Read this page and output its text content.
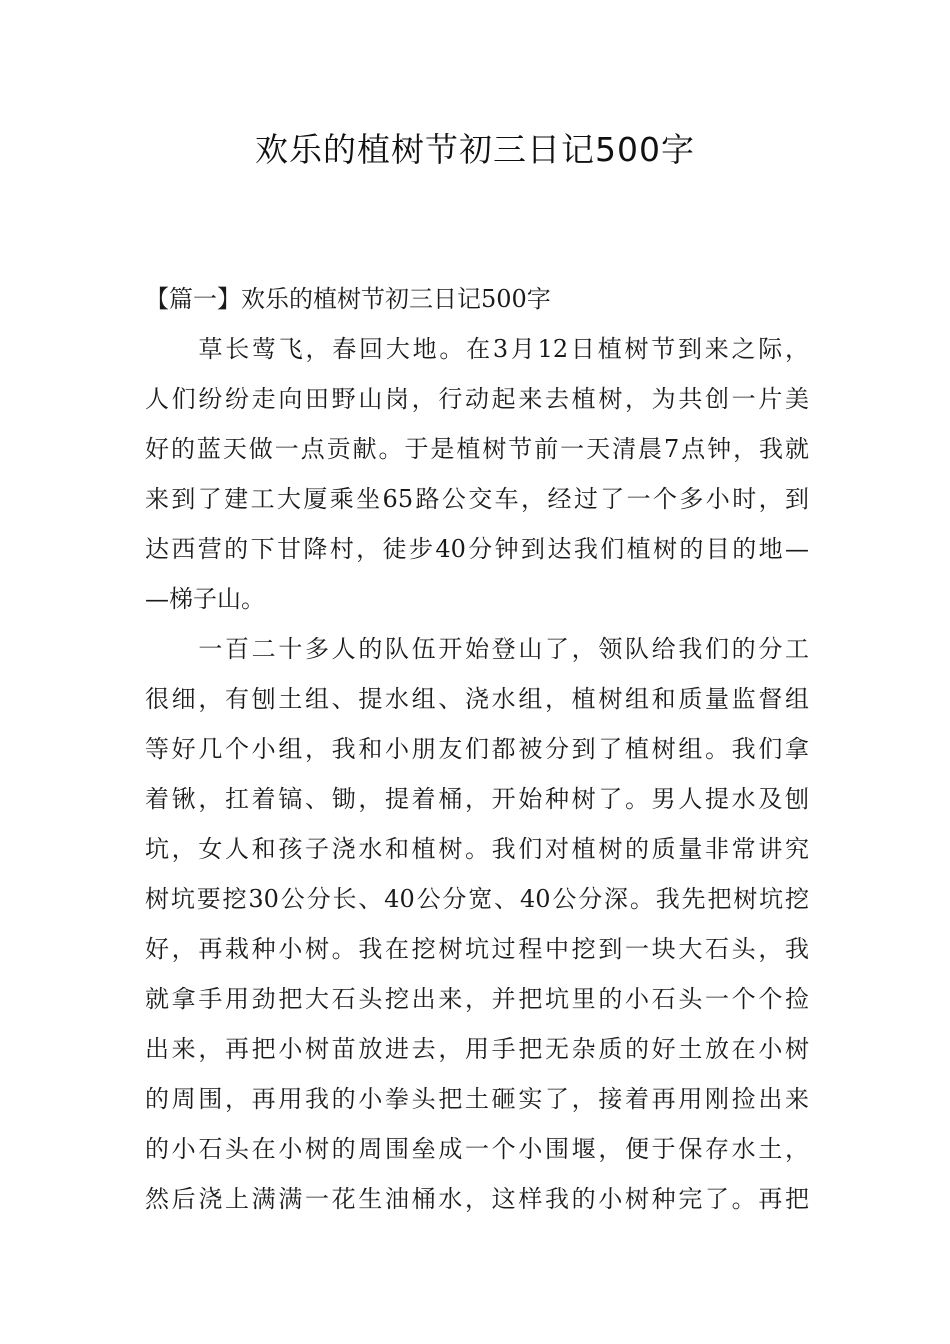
欢乐的植树节初三日记500字
【篇一】欢乐的植树节初三日记500字
　　草长莺飞，春回大地。在3月12日植树节到来之际，
人们纷纷走向田野山岗，行动起来去植树，为共创一片美
好的蓝天做一点贡献。于是植树节前一天清晨7点钟，我就
来到了建工大厦乘坐65路公交车，经过了一个多小时，到
达西营的下甘降村，徒步40分钟到达我们植树的目的地—
—梯子山。
　　一百二十多人的队伍开始登山了，领队给我们的分工
很细，有刨土组、提水组、浇水组，植树组和质量监督组
等好几个小组，我和小朋友们都被分到了植树组。我们拿
着锹，扛着镐、锄，提着桶，开始种树了。男人提水及刨
坑，女人和孩子浇水和植树。我们对植树的质量非常讲究
树坑要挖30公分长、40公分宽、40公分深。我先把树坑挖
好，再栽种小树。我在挖树坑过程中挖到一块大石头，我
就拿手用劲把大石头挖出来，并把坑里的小石头一个个捡
出来，再把小树苗放进去，用手把无杂质的好土放在小树
的周围，再用我的小拳头把土砸实了，接着再用刚捡出来
的小石头在小树的周围垒成一个小围堰，便于保存水土，
然后浇上满满一花生油桶水，这样我的小树种完了。再把
